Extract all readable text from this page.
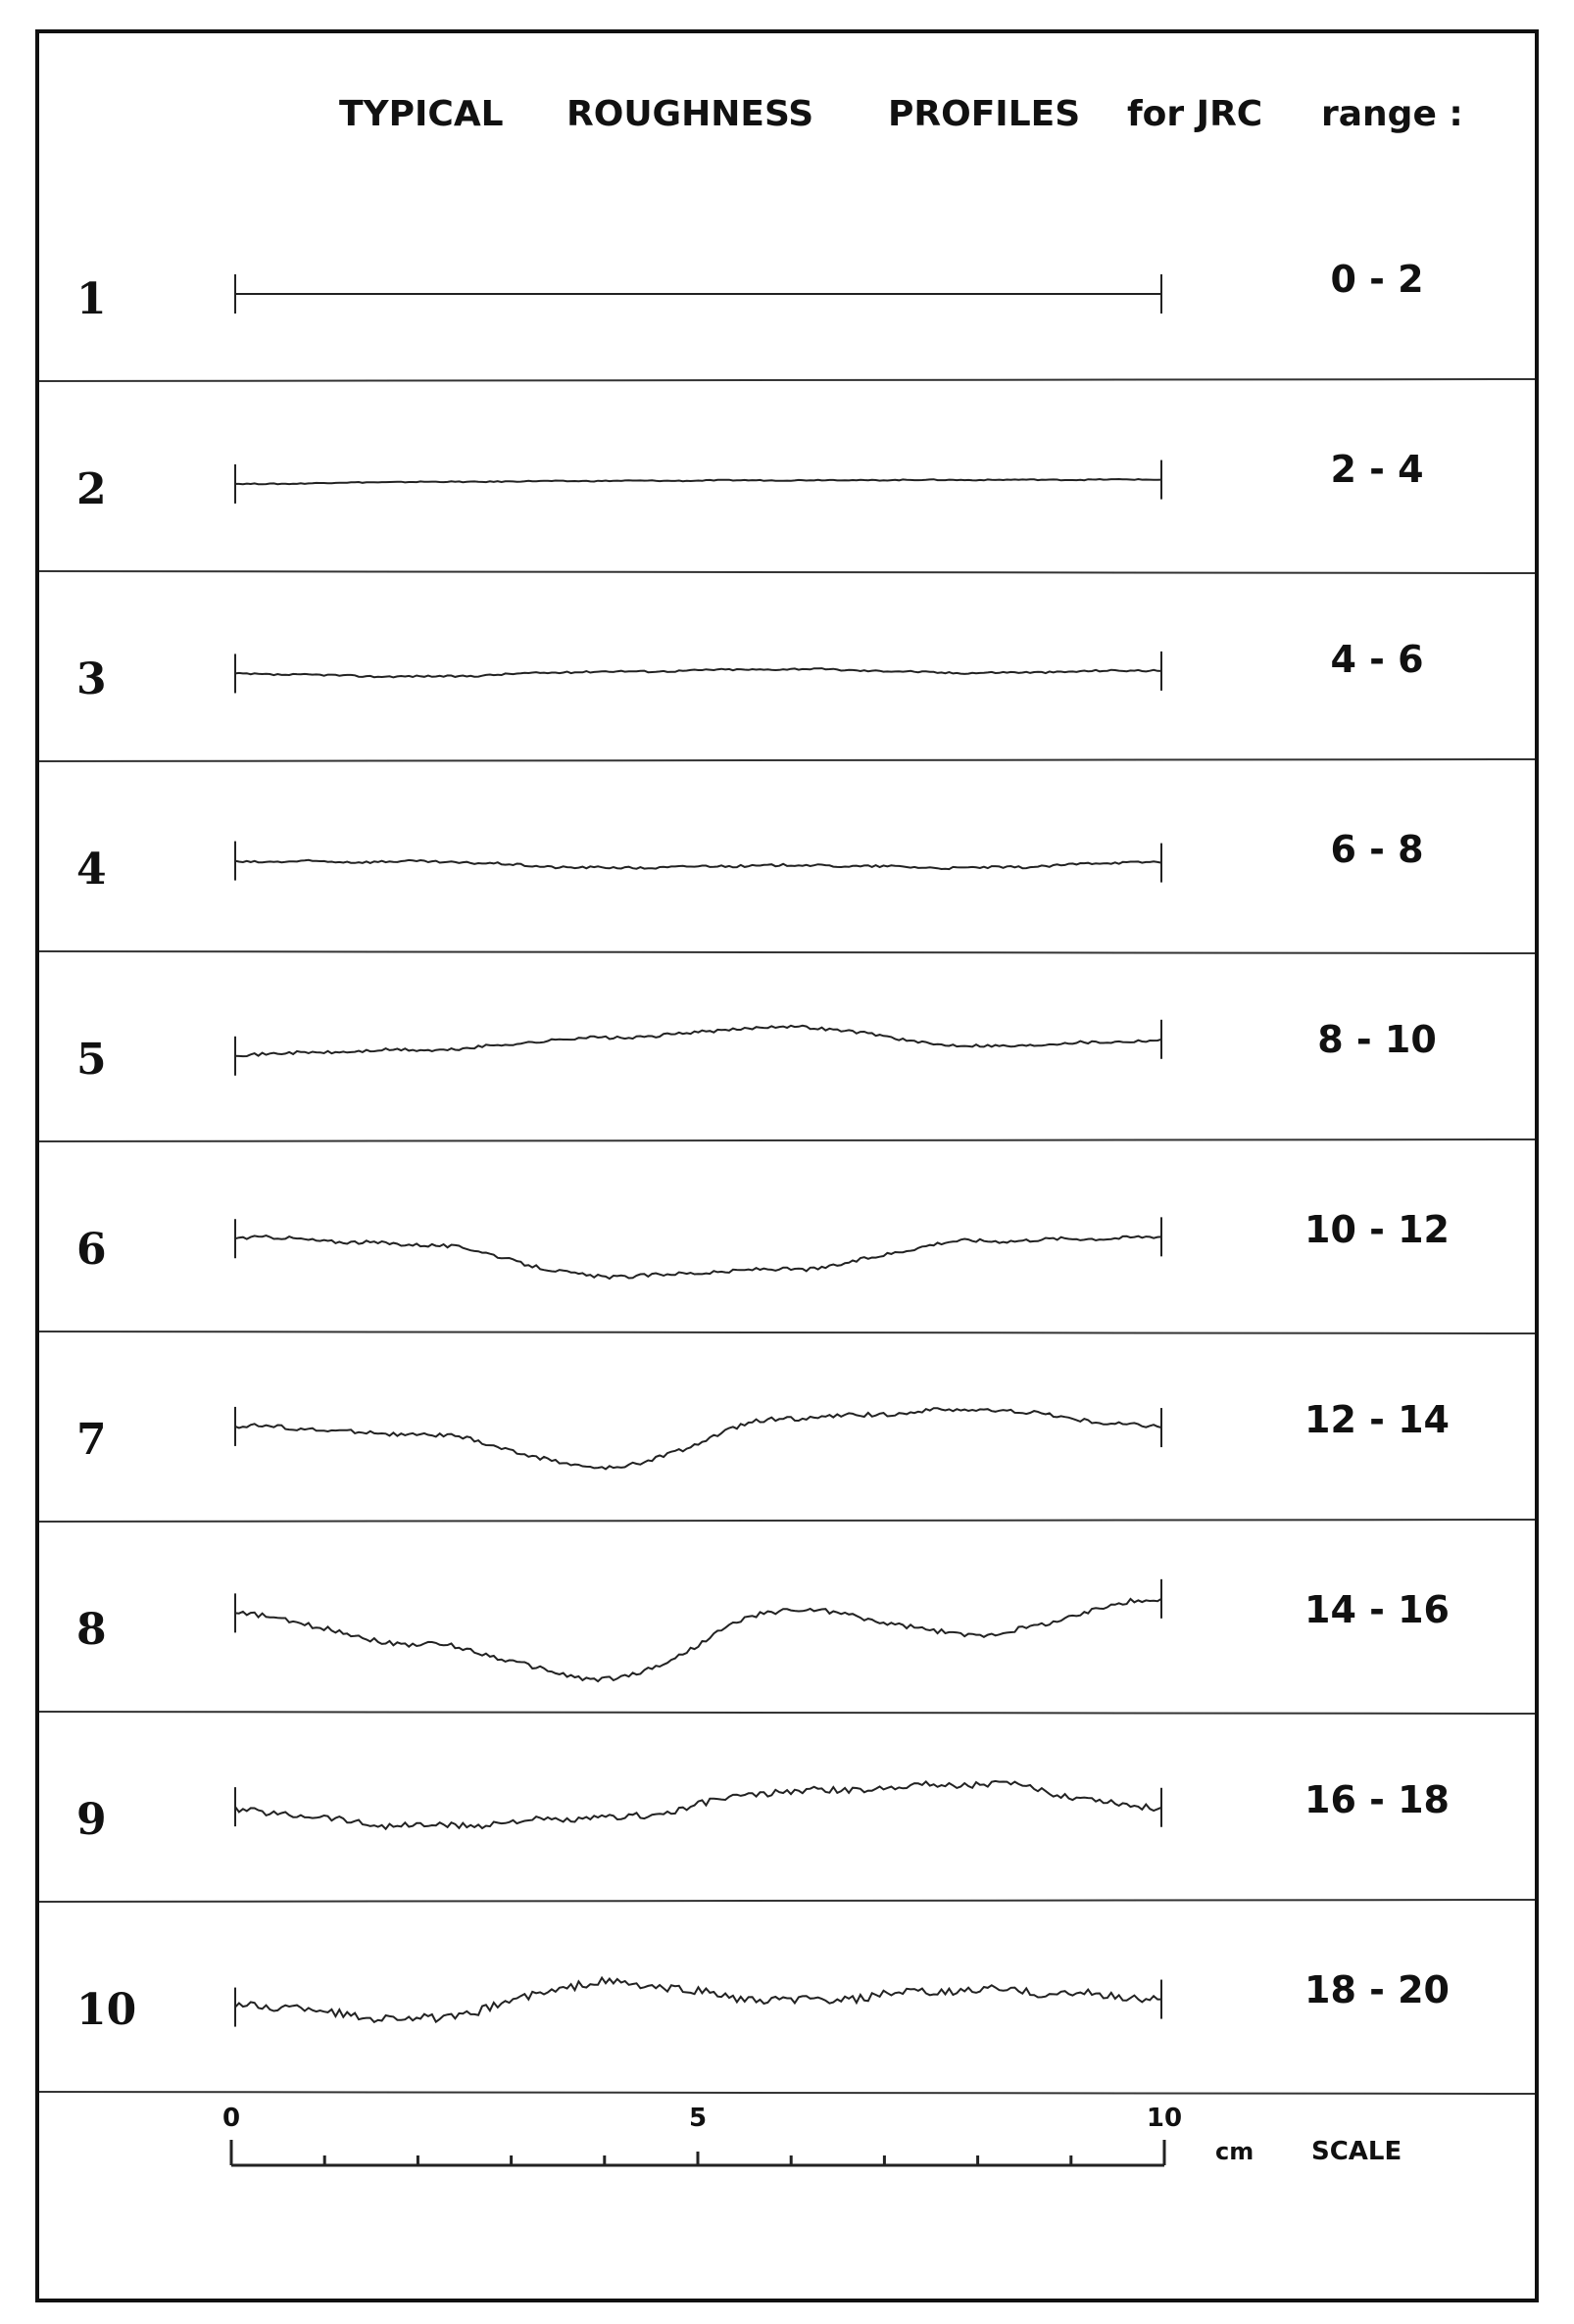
TYPICAL ROUGHNESS PROFILES for JRC range :
1	0 - 2
2	2 - 4
3	4 - 6
4	6 - 8
5	8 - 10
6	10 - 12
7	12 - 14
8	14 - 16
9	16 - 18
10	18 - 20
0	5	10
cm SCALE
